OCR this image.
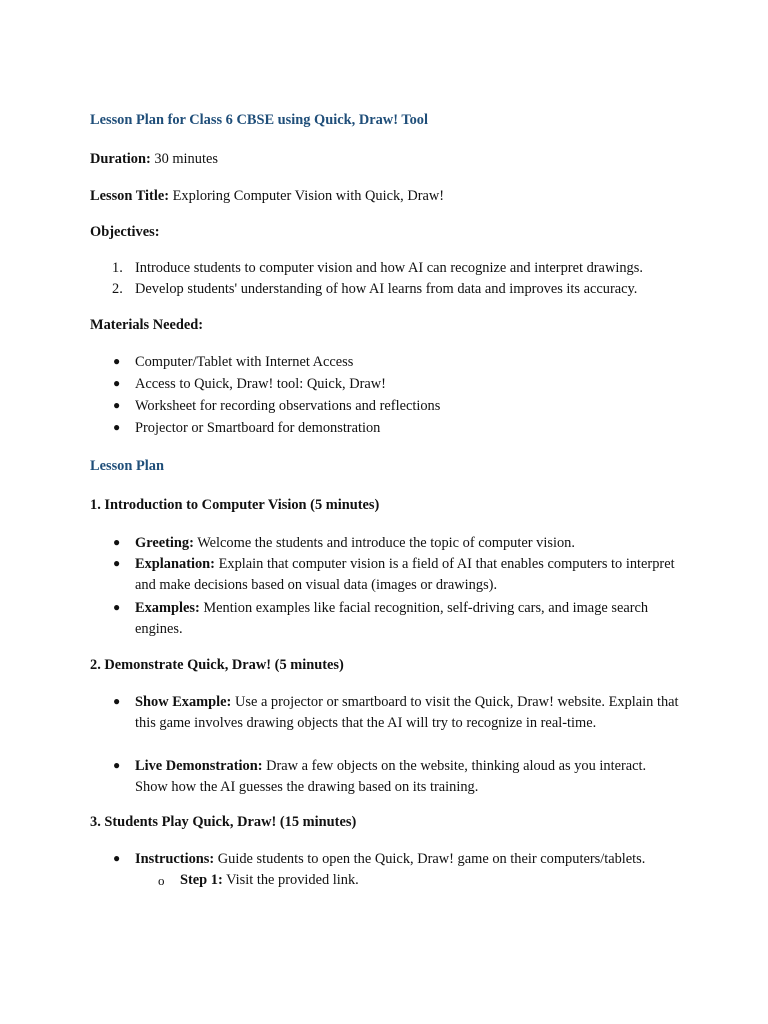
Lesson Plan for Class 6 CBSE using Quick, Draw! Tool

Duration: 30 minutes

Lesson Title: Exploring Computer Vision with Quick, Draw!

Objectives:

1. Introduce students to computer vision and how AI can recognize and interpret drawings.
2. Develop students' understanding of how AI learns from data and improves its accuracy.

Materials Needed:

● Computer/Tablet with Internet Access
● Access to Quick, Draw! tool: Quick, Draw!
● Worksheet for recording observations and reflections
● Projector or Smartboard for demonstration

Lesson Plan

1. Introduction to Computer Vision (5 minutes)

● Greeting: Welcome the students and introduce the topic of computer vision.
● Explanation: Explain that computer vision is a field of AI that enables computers to interpret and make decisions based on visual data (images or drawings).
● Examples: Mention examples like facial recognition, self-driving cars, and image search engines.

2. Demonstrate Quick, Draw! (5 minutes)

● Show Example: Use a projector or smartboard to visit the Quick, Draw! website. Explain that this game involves drawing objects that the AI will try to recognize in real-time.
● Live Demonstration: Draw a few objects on the website, thinking aloud as you interact. Show how the AI guesses the drawing based on its training.

3. Students Play Quick, Draw! (15 minutes)

● Instructions: Guide students to open the Quick, Draw! game on their computers/tablets.
o Step 1: Visit the provided link.
